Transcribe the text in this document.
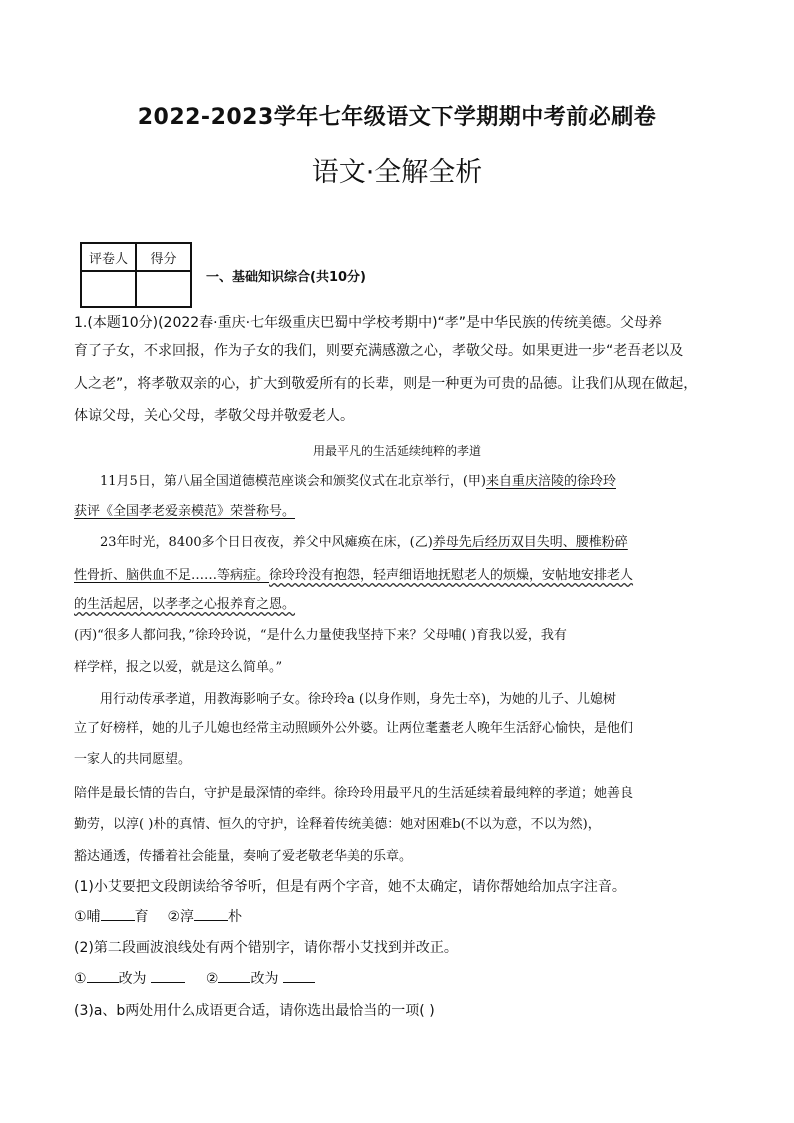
2022-2023学年七年级语文下学期期中考前必刷卷
语文·全解全析
评卷人	得分

一、基础知识综合(共10分)
1.(本题10分)(2022春·重庆·七年级重庆巴蜀中学校考期中)“孝”是中华民族的传统美德。父母养
育了子女，不求回报，作为子女的我们，则要充满感激之心，孝敬父母。如果更进一步“老吾老以及
人之老”，将孝敬双亲的心，扩大到敬爱所有的长辈，则是一种更为可贵的品德。让我们从现在做起，
体谅父母，关心父母，孝敬父母并敬爱老人。
用最平凡的生活延续纯粹的孝道
11月5日，第八届全国道德模范座谈会和颁奖仪式在北京举行，(甲)来自重庆涪陵的徐玲玲
获评《全国孝老爱亲模范》荣誉称号。
23年时光，8400多个日日夜夜，养父中风瘫痪在床，(乙)养母先后经历双目失明、腰椎粉碎
性骨折、脑供血不足……等病症。徐玲玲没有抱怨，轻声细语地抚慰老人的烦燥，安帖地安排老人
的生活起居，以孝孝之心报养育之恩。
(丙)“很多人都问我，”徐玲玲说，“是什么力量使我坚持下来？父母哺( )育我以爱，我有
样学样，报之以爱，就是这么简单。”
用行动传承孝道，用教海影响子女。徐玲玲a (以身作则，身先士卒)，为她的儿子、儿媳树
立了好榜样，她的儿子儿媳也经常主动照顾外公外婆。让两位耄耋老人晚年生活舒心愉快，是他们
一家人的共同愿望。
陪伴是最长情的告白，守护是最深情的牵绊。徐玲玲用最平凡的生活延续着最纯粹的孝道；她善良
勤劳，以淳( )朴的真情、恒久的守护，诠释着传统美德：她对困难b(不以为意，不以为然)，
豁达通透，传播着社会能量，奏响了爱老敬老华美的乐章。
(1)小艾要把文段朗读给爷爷听，但是有两个字音，她不太确定，请你帮她给加点字注音。
①哺 育 ②淳 朴
(2)第二段画波浪线处有两个错别字，请你帮小艾找到并改正。
① 改为	② 改为
(3)a、b两处用什么成语更合适，请你选出最恰当的一项( )
